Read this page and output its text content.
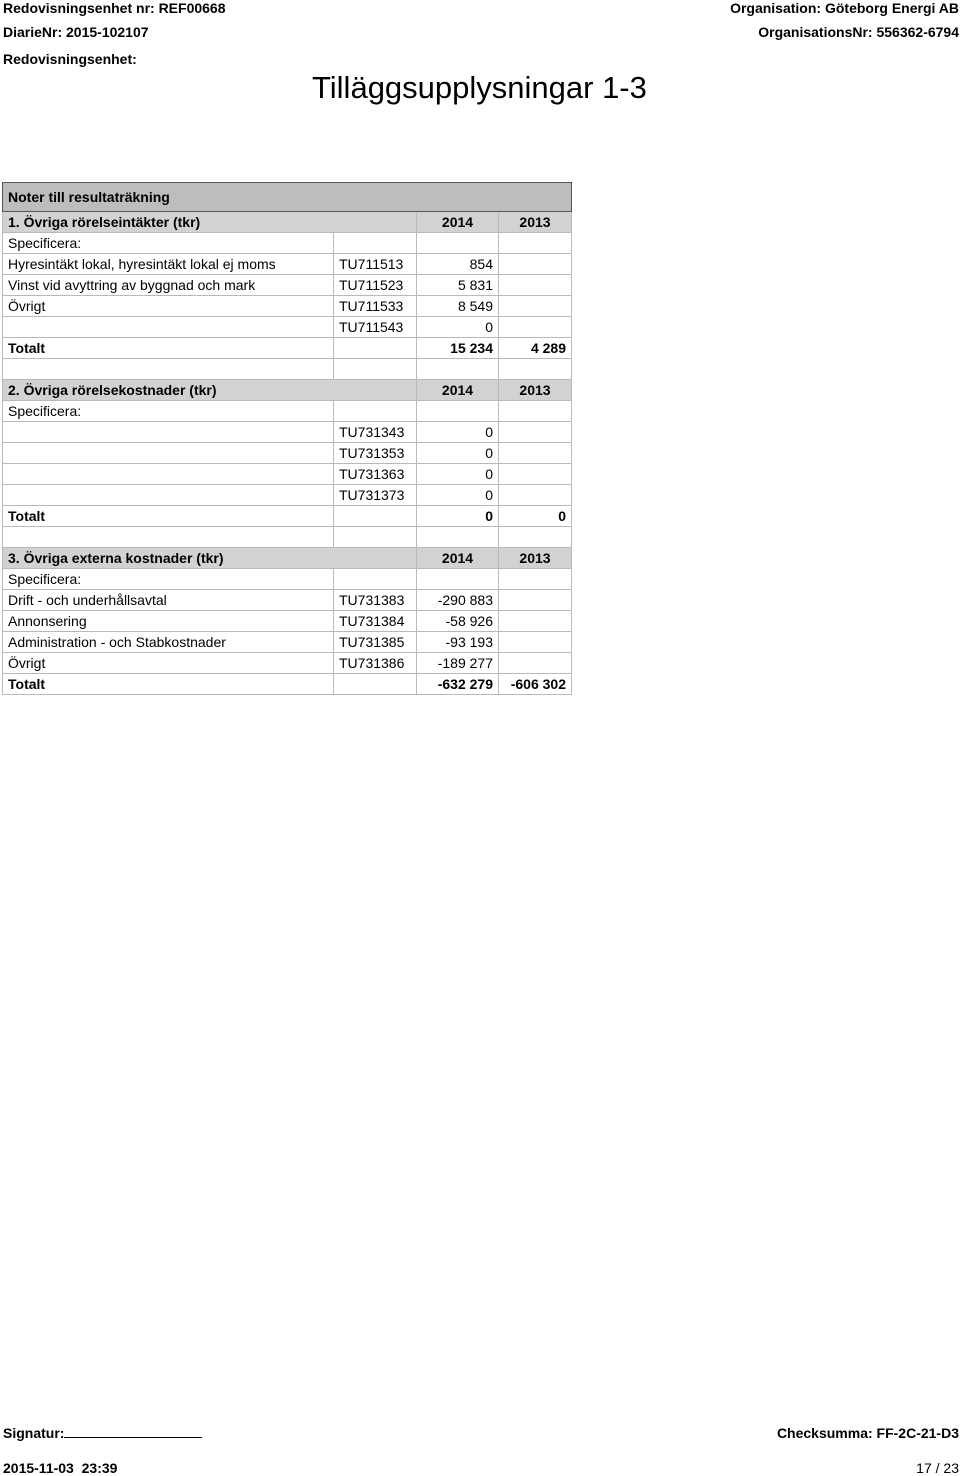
Redovisningsenhet nr: REF00668
DiarieNr: 2015-102107
Redovisningsenhet:
Organisation: Göteborg Energi AB
OrganisationsNr: 556362-6794
Tilläggsupplysningar 1-3
Noter till resultaträkning			
1. Övriga rörelseintäkter (tkr)		2014	2013
Specificera:			
Hyresintäkt lokal, hyresintäkt lokal ej moms	TU711513	854	
Vinst vid avyttring av byggnad och mark	TU711523	5 831	
Övrigt	TU711533	8 549	
	TU711543	0	
Totalt		15 234	4 289

2. Övriga rörelsekostnader (tkr)		2014	2013
Specificera:			
	TU731343	0	
	TU731353	0	
	TU731363	0	
	TU731373	0	
Totalt		0	0

3. Övriga externa kostnader (tkr)		2014	2013
Specificera:			
Drift - och underhållsavtal	TU731383	-290 883	
Annonsering	TU731384	-58 926	
Administration - och Stabkostnader	TU731385	-93 193	
Övrigt	TU731386	-189 277	
Totalt		-632 279	-606 302
Signatur:	Checksumma: FF-2C-21-D3
2015-11-03  23:39	17 / 23
